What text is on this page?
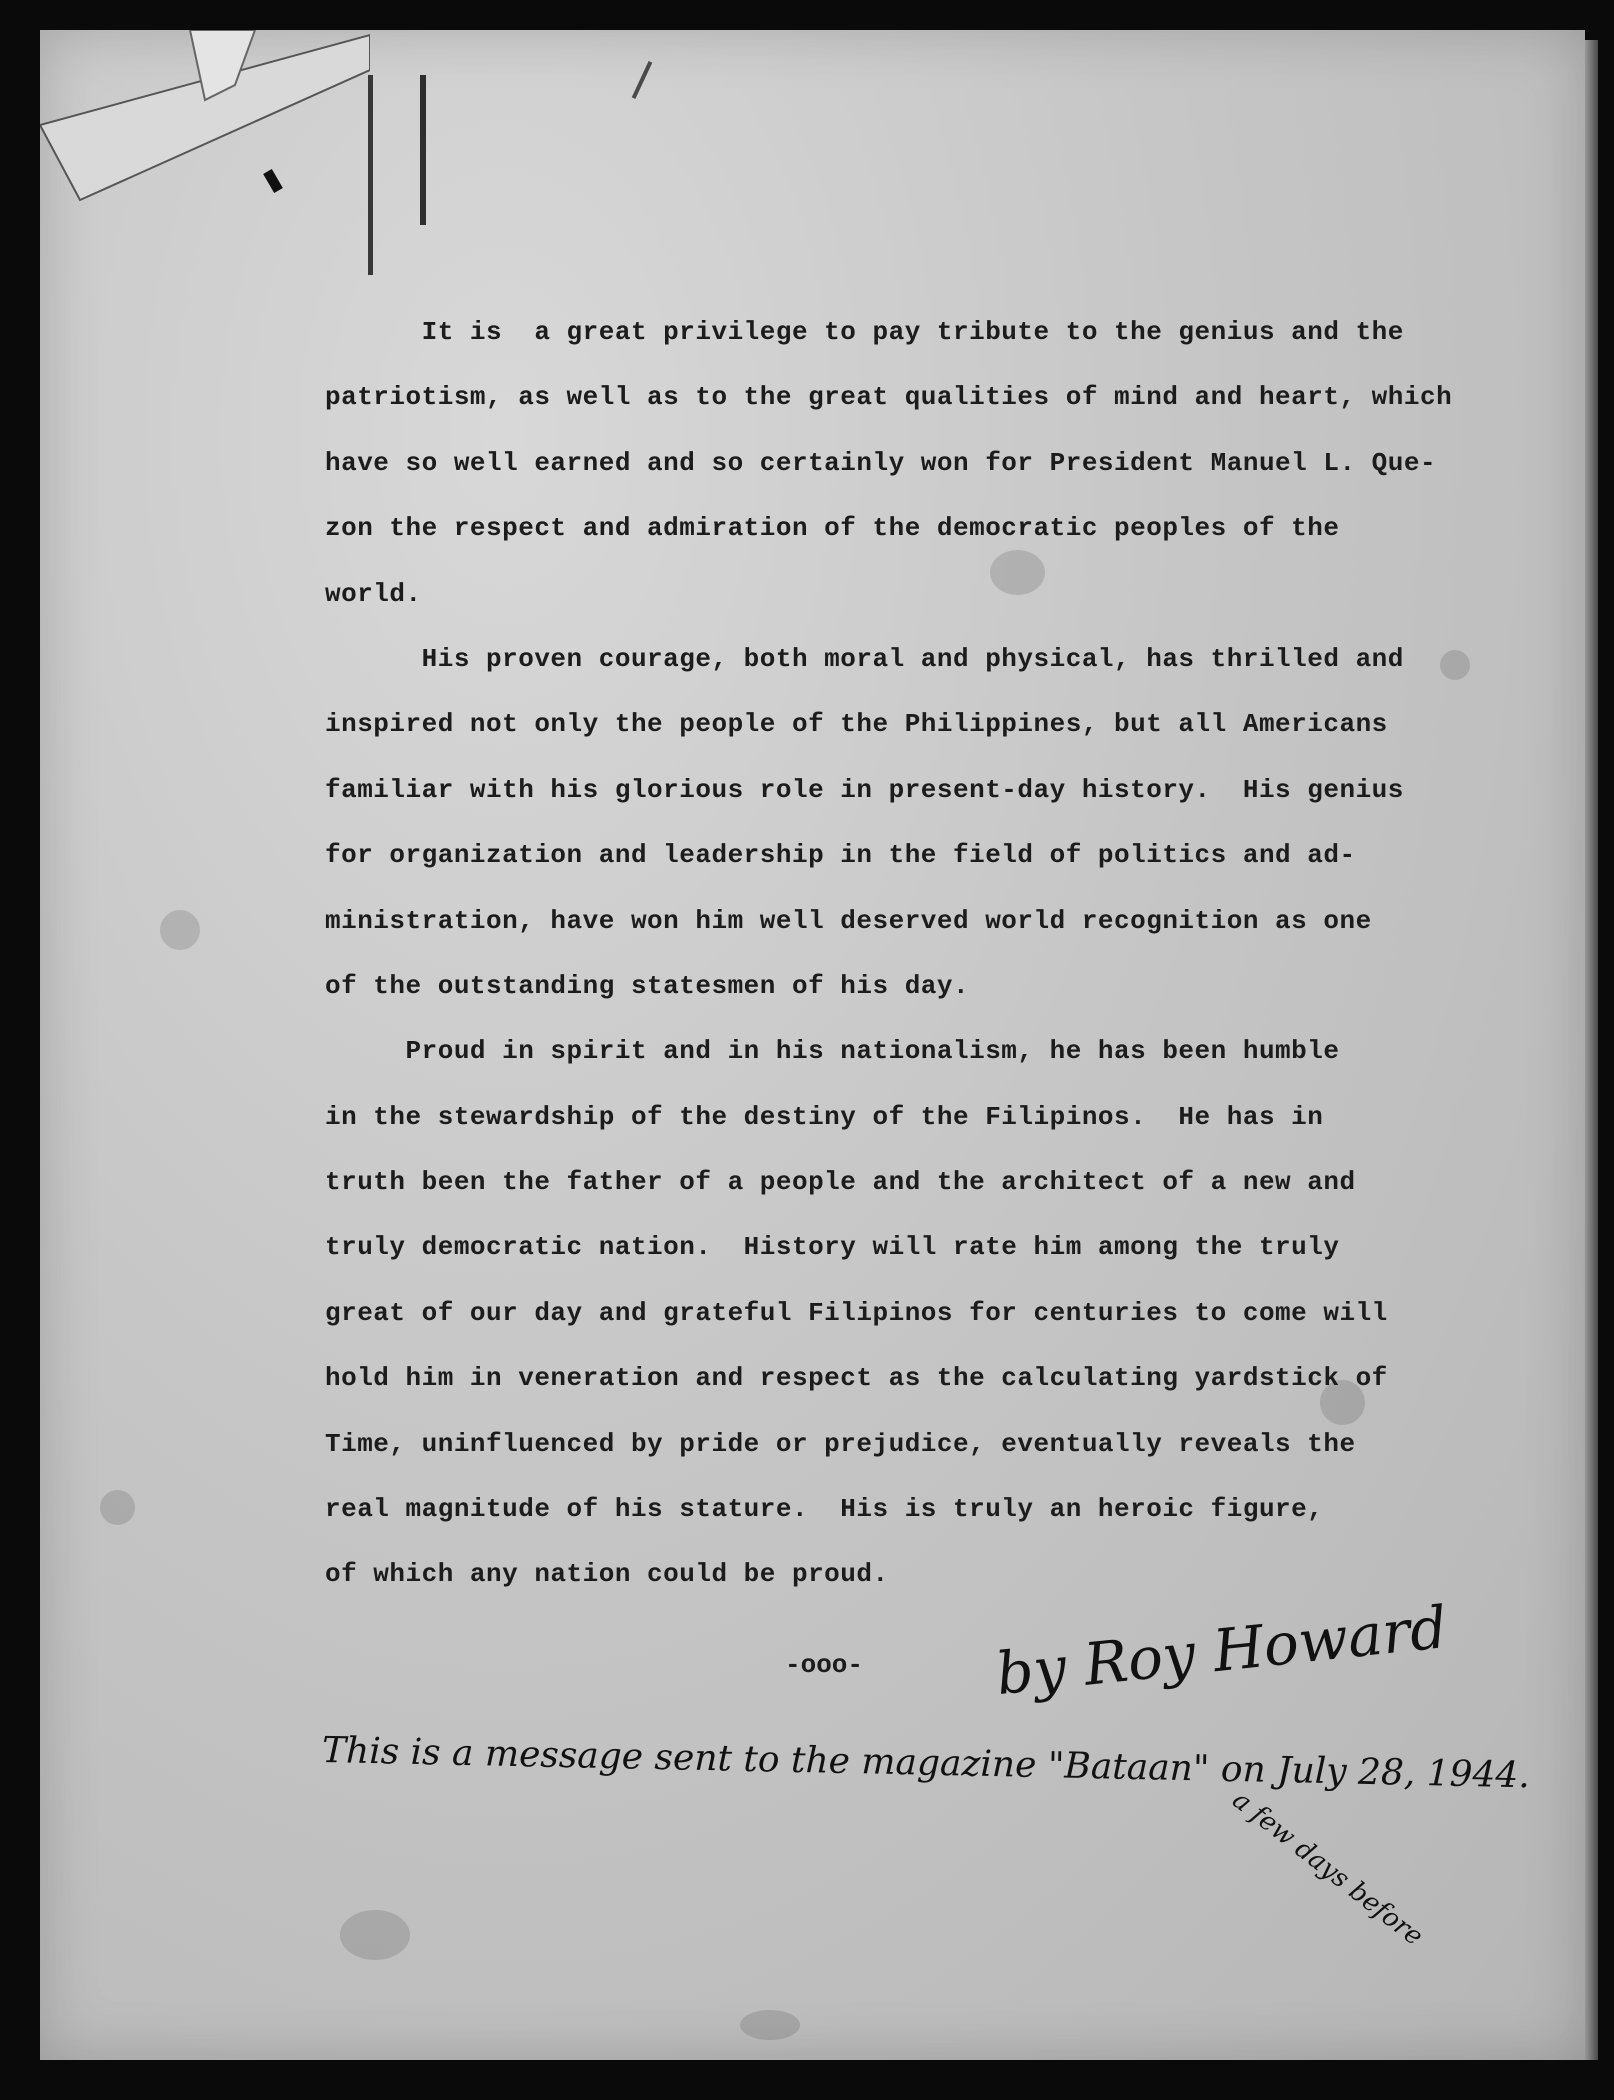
It is  a great privilege to pay tribute to the genius and the
patriotism, as well as to the great qualities of mind and heart, which
have so well earned and so certainly won for President Manuel L. Que-
zon the respect and admiration of the democratic peoples of the
world.
His proven courage, both moral and physical, has thrilled and
inspired not only the people of the Philippines, but all Americans
familiar with his glorious role in present-day history.  His genius
for organization and leadership in the field of politics and ad-
ministration, have won him well deserved world recognition as one
of the outstanding statesmen of his day.
Proud in spirit and in his nationalism, he has been humble
in the stewardship of the destiny of the Filipinos.  He has in
truth been the father of a people and the architect of a new and
truly democratic nation.  History will rate him among the truly
great of our day and grateful Filipinos for centuries to come will
hold him in veneration and respect as the calculating yardstick of
Time, uninfluenced by pride or prejudice, eventually reveals the
real magnitude of his stature.  His is truly an heroic figure,
of which any nation could be proud.
-ooo- by Roy Howard
This is a message sent to the magazine "Bataan" on July 28, 1944.
a few days before
